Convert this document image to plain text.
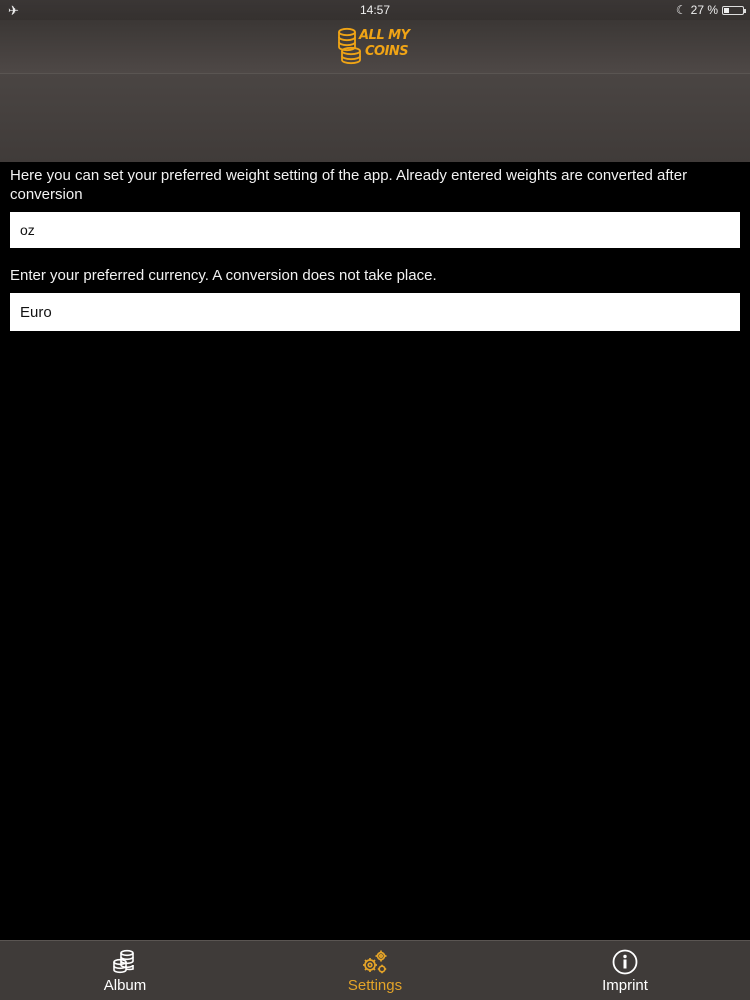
✈	14:57	☾ 27 %
ALL MY
COINS
Here you can set your preferred weight setting of the app. Already entered weights are converted after conversion
oz
Enter your preferred currency. A conversion does not take place.
Euro
Album	Settings	Imprint
